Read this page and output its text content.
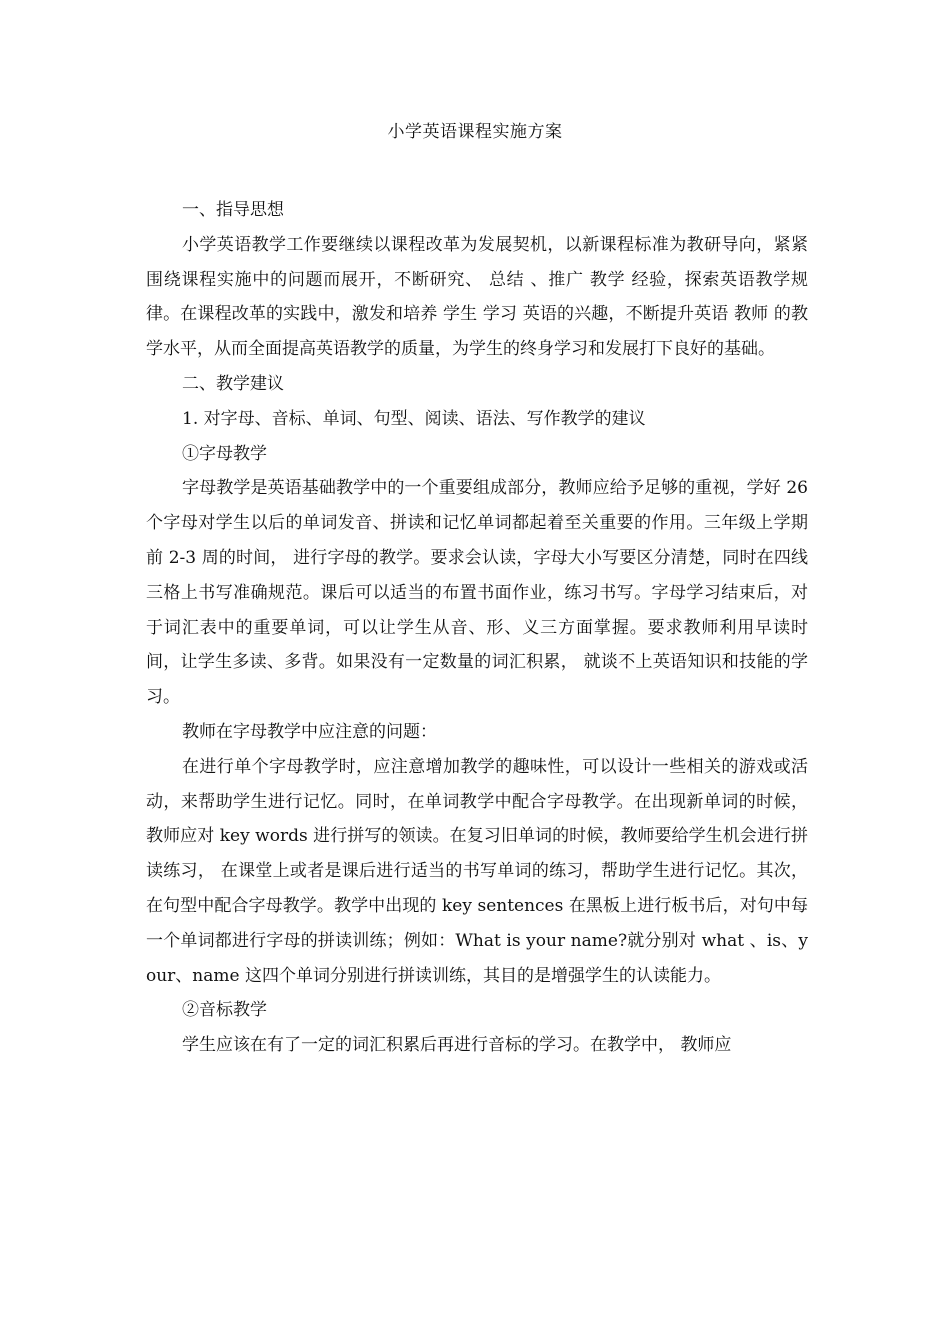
小学英语课程实施方案

一、指导思想

小学英语教学工作要继续以课程改革为发展契机，以新课程标准为教研导向，紧紧围绕课程实施中的问题而展开，不断研究、 总结 、推广 教学 经验，探索英语教学规律。在课程改革的实践中，激发和培养 学生 学习 英语的兴趣，不断提升英语 教师 的教学水平，从而全面提高英语教学的质量，为学生的终身学习和发展打下良好的基础。

二、教学建议

1. 对字母、音标、单词、句型、阅读、语法、写作教学的建议

①字母教学

字母教学是英语基础教学中的一个重要组成部分，教师应给予足够的重视，学好 26 个字母对学生以后的单词发音、拼读和记忆单词都起着至关重要的作用。三年级上学期前 2-3 周的时间， 进行字母的教学。要求会认读，字母大小写要区分清楚，同时在四线三格上书写准确规范。课后可以适当的布置书面作业，练习书写。字母学习结束后，对于词汇表中的重要单词，可以让学生从音、形、义三方面掌握。要求教师利用早读时间，让学生多读、多背。如果没有一定数量的词汇积累， 就谈不上英语知识和技能的学习。

教师在字母教学中应注意的问题：

在进行单个字母教学时，应注意增加教学的趣味性，可以设计一些相关的游戏或活动，来帮助学生进行记忆。同时，在单词教学中配合字母教学。在出现新单词的时候，教师应对 key words 进行拼写的领读。在复习旧单词的时候，教师要给学生机会进行拼读练习， 在课堂上或者是课后进行适当的书写单词的练习，帮助学生进行记忆。其次，在句型中配合字母教学。教学中出现的 key sentences 在黑板上进行板书后，对句中每一个单词都进行字母的拼读训练；例如：What is your name?就分别对 what 、is、your、name 这四个单词分别进行拼读训练，其目的是增强学生的认读能力。

②音标教学

学生应该在有了一定的词汇积累后再进行音标的学习。在教学中， 教师应
